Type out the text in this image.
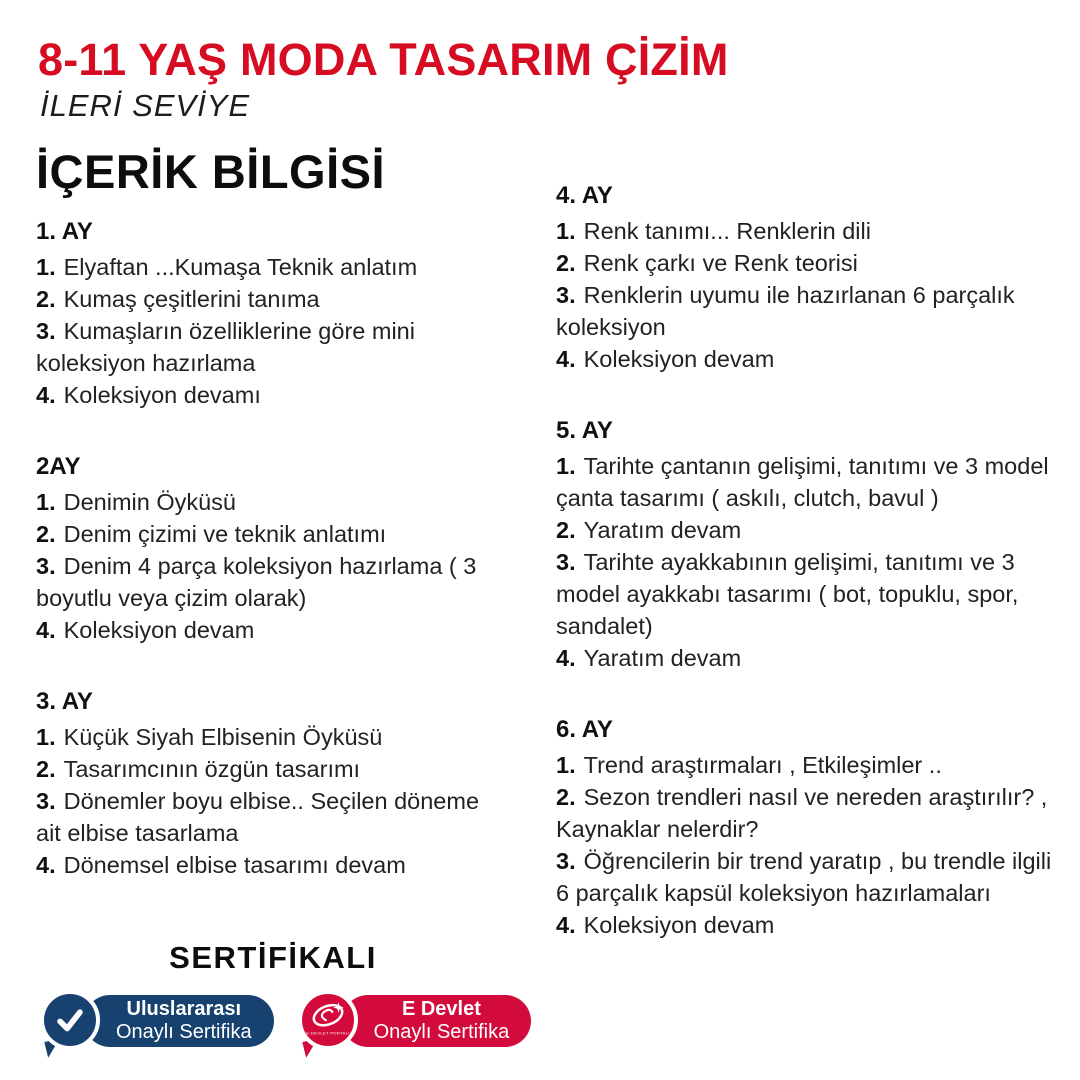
8-11 YAŞ MODA TASARIM ÇİZİM
İLERİ SEVİYE
İÇERİK BİLGİSİ
1. AY
1. Elyaftan ...Kumaşa Teknik anlatım
2. Kumaş çeşitlerini tanıma
3. Kumaşların özelliklerine göre mini koleksiyon hazırlama
4. Koleksiyon devamı
2AY
1. Denimin Öyküsü
2. Denim çizimi ve teknik anlatımı
3. Denim 4 parça koleksiyon hazırlama ( 3 boyutlu veya çizim olarak)
4. Koleksiyon devam
3. AY
1. Küçük Siyah Elbisenin Öyküsü
2. Tasarımcının özgün tasarımı
3. Dönemler boyu elbise.. Seçilen döneme ait elbise tasarlama
4. Dönemsel elbise tasarımı devam
4. AY
1. Renk tanımı... Renklerin dili
2. Renk çarkı ve Renk teorisi
3. Renklerin uyumu ile hazırlanan 6 parçalık koleksiyon
4. Koleksiyon devam
5. AY
1. Tarihte çantanın gelişimi, tanıtımı ve 3 model çanta tasarımı ( askılı, clutch, bavul )
2. Yaratım devam
3. Tarihte ayakkabının gelişimi, tanıtımı ve 3 model ayakkabı tasarımı ( bot, topuklu, spor, sandalet)
4. Yaratım devam
6. AY
1. Trend araştırmaları , Etkileşimler ..
2. Sezon trendleri nasıl ve nereden araştırılır? , Kaynaklar nelerdir?
3. Öğrencilerin bir trend yaratıp , bu trendle ilgili 6 parçalık kapsül koleksiyon hazırlamaları
4. Koleksiyon devam
SERTİFİKALI
Uluslararası
Onaylı Sertifika	E-DEVLET PORTALI
E Devlet
Onaylı Sertifika
